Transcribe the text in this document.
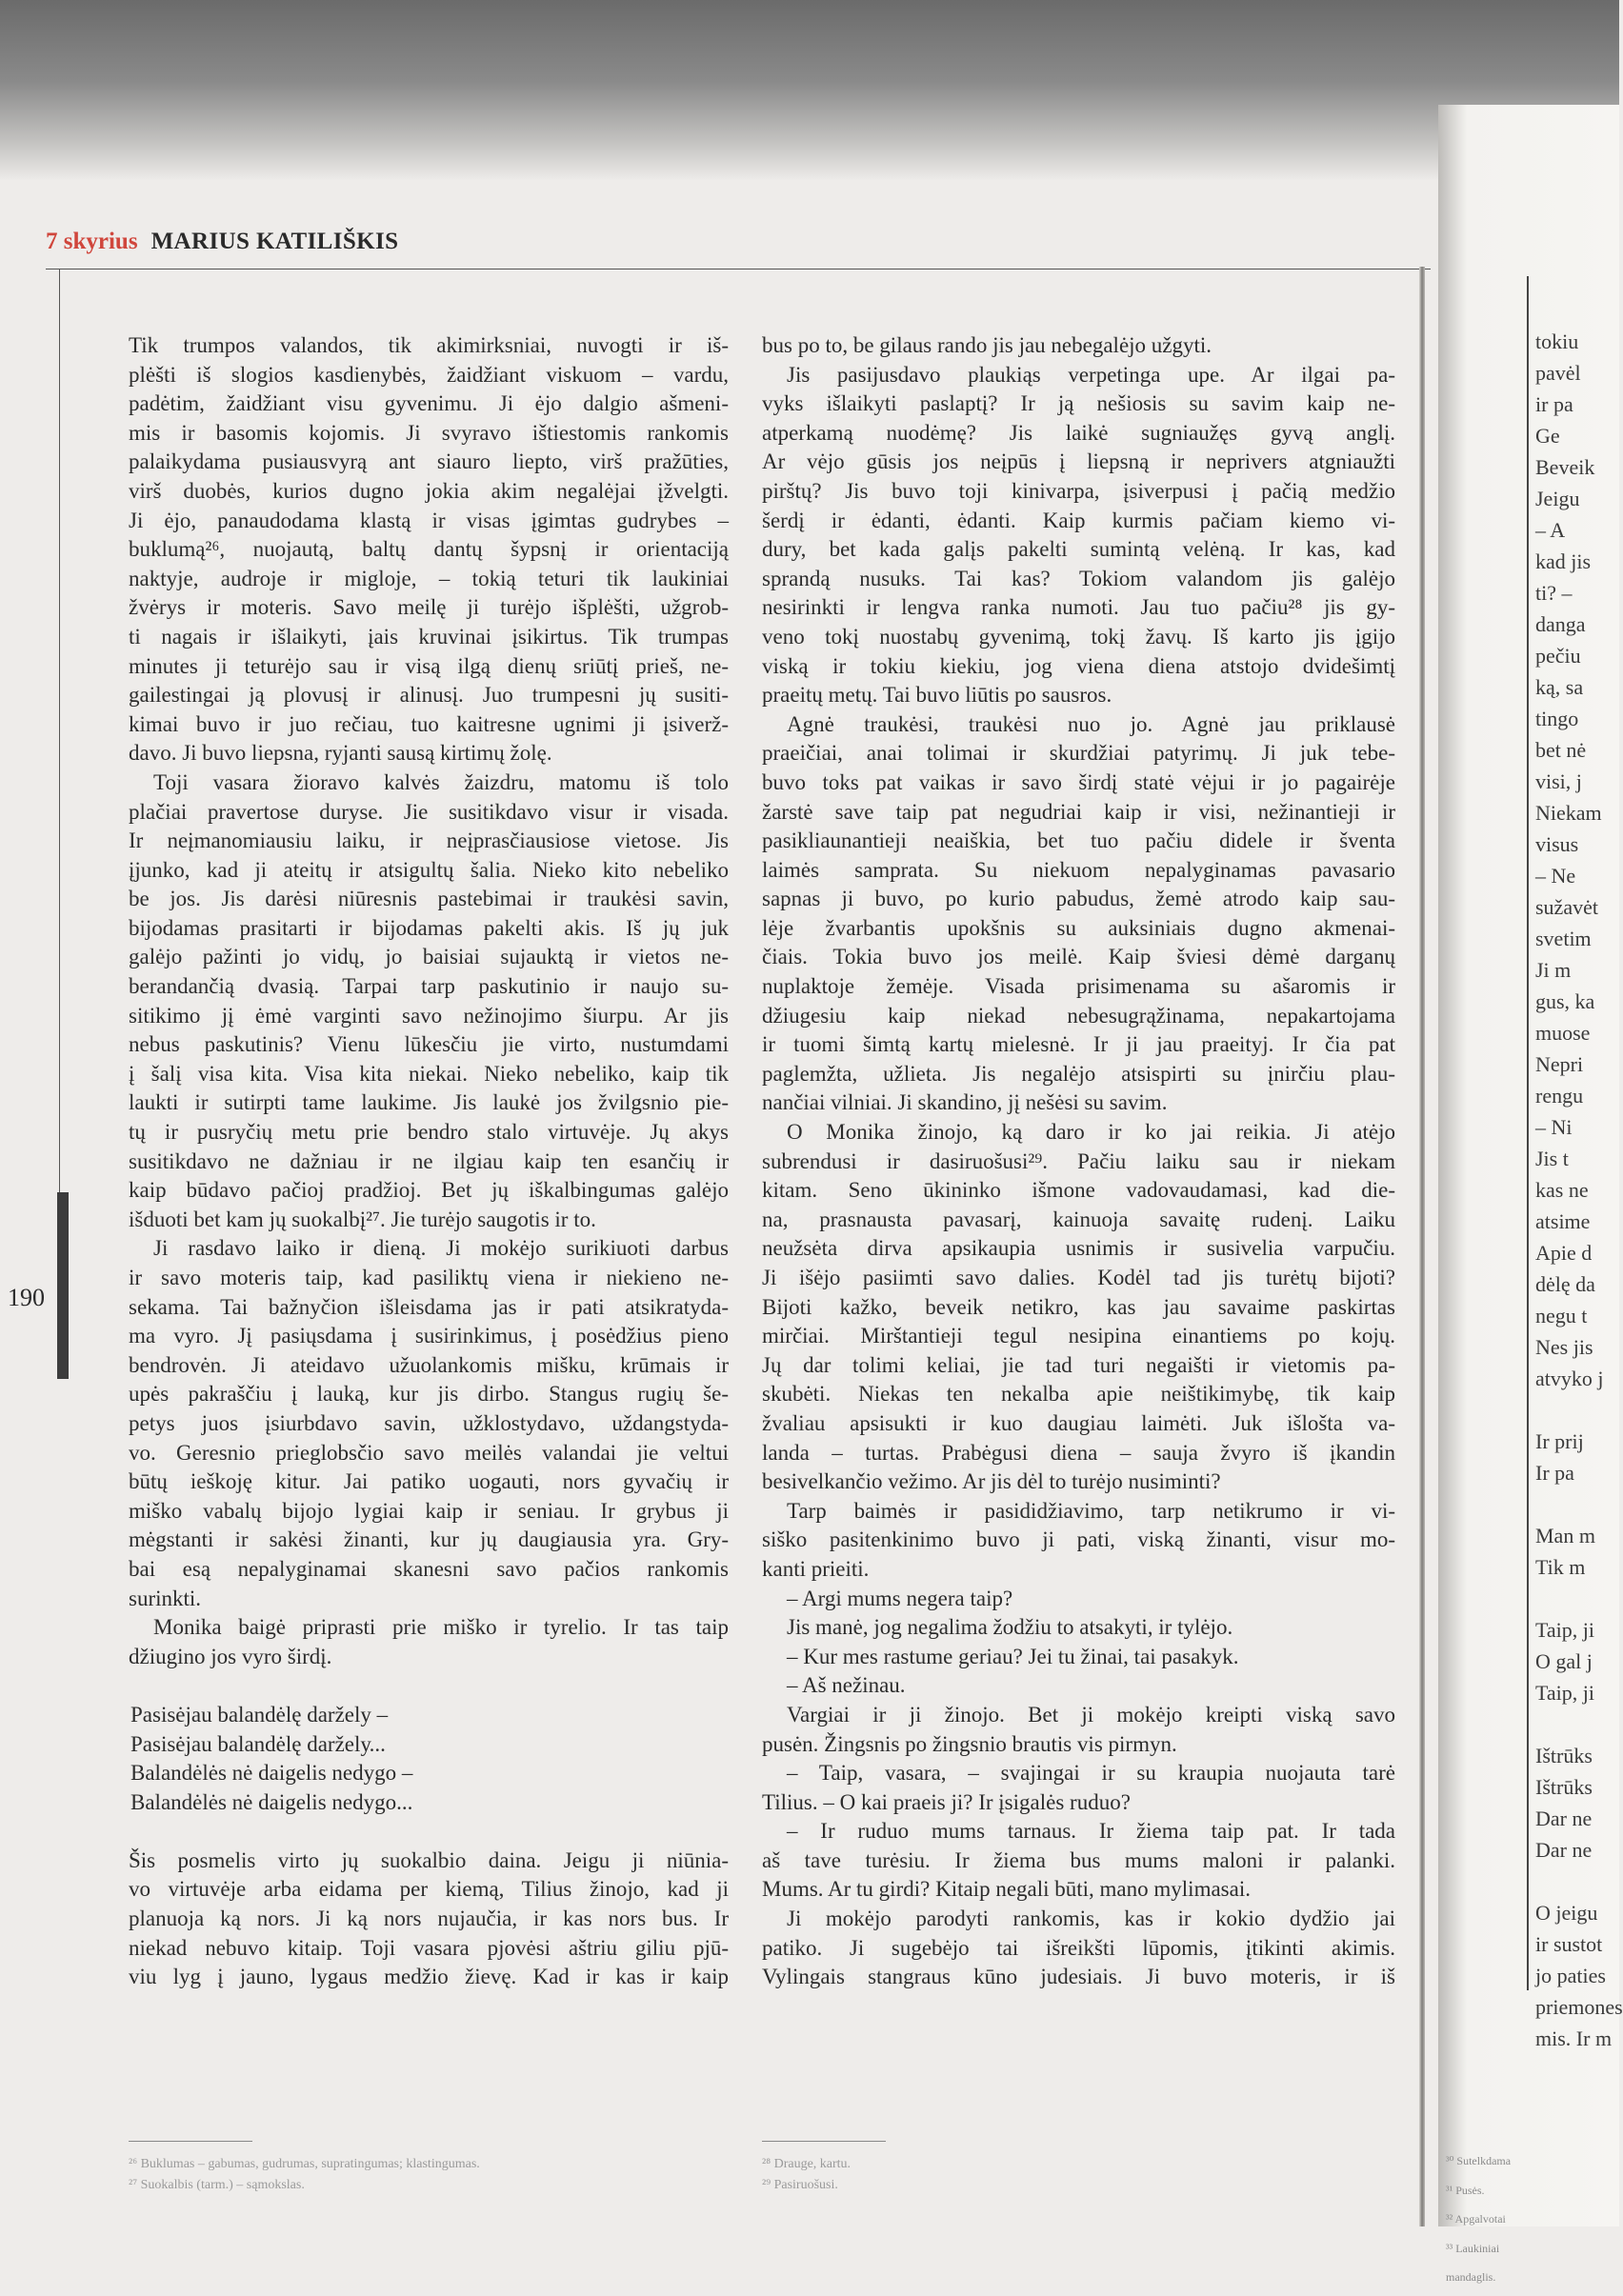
tokiu
pavėl
ir pa
Ge
Beveik
Jeigu
– A
kad jis
ti? –
danga
pečiu
ką, sa
tingo
bet nė
visi, j
Niekam
visus
– Ne
sužavėt
svetim
Ji m
gus, ka
muose
Nepri
rengu
– Ni
Jis t
kas ne
atsime
Apie d
dėlę da
negu t
Nes jis
atvyko j
Ir prij
Ir pa
Man m
Tik m
Taip, ji
O gal j
Taip, ji
Ištrūks
Ištrūks
Dar ne
Dar ne
O jeigu
ir sustot
jo paties
priemones
mis. Ir m
³⁰ Sutelkdama
³¹ Pusės.
³² Apgalvotai
³³ Laukiniai
mandaglis.
7 skyrius MARIUS KATILIŠKIS
190
Tik trumpos valandos, tik akimirksniai, nuvogti ir iš-
plėšti iš slogios kasdienybės, žaidžiant viskuom – vardu,
padėtim, žaidžiant visu gyvenimu. Ji ėjo dalgio ašmeni-
mis ir basomis kojomis. Ji svyravo ištiestomis rankomis
palaikydama pusiausvyrą ant siauro lieptо, virš pražūties,
virš duobės, kurios dugno jokia akim negalėjai įžvelgti.
Ji ėjo, panaudodama klastą ir visas įgimtas gudrybes –
buklumą²⁶, nuojautą, baltų dantų šypsnį ir orientaciją
naktyje, audroje ir migloje, – tokią teturi tik laukiniai
žvėrys ir moteris. Savo meilę ji turėjo išplėšti, užgrob-
ti nagais ir išlaikyti, įais kruvinai įsikirtus. Tik trumpas
minutes ji teturėjo sau ir visą ilgą dienų sriūtį prieš, ne-
gailestingai ją plovusį ir alinusį. Juo trumpesni jų susiti-
kimai buvo ir juo rečiau, tuo kaitresne ugnimi ji įsiverž-
davo. Ji buvo liepsna, ryjanti sausą kirtimų žolę.
Toji vasara žioravo kalvės žaizdru, matomu iš tolo
plačiai pravertose duryse. Jie susitikdavo visur ir visada.
Ir neįmanomiausiu laiku, ir neįprasčiausiose vietose. Jis
įjunko, kad ji ateitų ir atsigultų šalia. Nieko kito nebeliko
be jos. Jis darėsi niūresnis pastebimai ir traukėsi savin,
bijodamas prasitarti ir bijodamas pakelti akis. Iš jų juk
galėjo pažinti jo vidų, jo baisiai sujauktą ir vietos ne-
berandančią dvasią. Tarpai tarp paskutinio ir naujo su-
sitikimo jį ėmė varginti savo nežinojimo šiurpu. Ar jis
nebus paskutinis? Vienu lūkesčiu jie virto, nustumdami
į šalį visa kita. Visa kita niekai. Nieko nebeliko, kaip tik
laukti ir sutirpti tame laukime. Jis laukė jos žvilgsnio pie-
tų ir pusryčių metu prie bendro stalo virtuvėje. Jų akys
susitikdavo ne dažniau ir ne ilgiau kaip ten esančių ir
kaip būdavo pačioj pradžioj. Bet jų iškalbingumas galėjo
išduoti bet kam jų suokalbį²⁷. Jie turėjo saugotis ir to.
Ji rasdavo laiko ir dieną. Ji mokėjo surikiuoti darbus
ir savo moteris taip, kad pasiliktų viena ir niekieno ne-
sekama. Tai bažnyčion išleisdama jas ir pati atsikratyda-
ma vyro. Jį pasiųsdama į susirinkimus, į posėdžius pieno
bendrovėn. Ji ateidavo užuolankomis mišku, krūmais ir
upės pakraščiu į lauką, kur jis dirbo. Stangus rugių še-
petys juos įsiurbdavo savin, užklostydavo, uždangstyda-
vo. Geresnio prieglobsčio savo meilės valandai jie veltui
būtų ieškoję kitur. Jai patiko uogauti, nors gyvačių ir
miško vabalų bijojo lygiai kaip ir seniau. Ir grybus ji
mėgstanti ir sakėsi žinanti, kur jų daugiausia yra. Gry-
bai esą nepalyginamai skanesni savo pačios rankomis
surinkti.
Monika baigė priprasti prie miško ir tyrelio. Ir tas taip
džiugino jos vyro širdį.
Pasisėjau balandėlę darželу –
Pasisėjau balandėlę darželу...
Balandėlės nė daigelis nedygo –
Balandėlės nė daigelis nedygo...
Šis posmelis virto jų suokalbio daina. Jeigu ji niūnia-
vo virtuvėje arba eidama per kiemą, Tilius žinojo, kad ji
planuoja ką nors. Ji ką nors nujaučia, ir kas nors bus. Ir
niekad nebuvo kitaip. Toji vasara pjovėsi aštriu giliu pjū-
viu lyg į jauno, lygaus medžio žievę. Kad ir kas ir kaip
bus po to, be gilaus rando jis jau nebegalėjo užgyti.
Jis pasijusdavo plaukiąs verpetinga upe. Ar ilgai pa-
vyks išlaikyti paslaptį? Ir ją nešiosis su savim kaip ne-
atperkamą nuodėmę? Jis laikė sugniaužęs gyvą anglį.
Ar vėjo gūsis jos neįpūs į liepsną ir neprivers atgniaužti
pirštų? Jis buvo toji kinivarpa, įsiverpusi į pačią medžio
šerdį ir ėdanti, ėdanti. Kaip kurmis pačiam kiemo vi-
dury, bet kada galįs pakelti sumintą velėną. Ir kas, kad
sprandą nusuks. Tai kas? Tokiom valandom jis galėjo
nesirinkti ir lengva ranka numoti. Jau tuo pačiu²⁸ jis gy-
veno tokį nuostabų gyvenimą, tokį žavų. Iš karto jis įgijo
viską ir tokiu kiekiu, jog viena diena atstojo dvidešimtį
praeitų metų. Tai buvo liūtis po sausros.
Agnė traukėsi, traukėsi nuo jo. Agnė jau priklausė
praeičiai, anai tolimai ir skurdžiai patyrimų. Ji juk tebe-
buvo toks pat vaikas ir savo širdį statė vėjui ir jo pagairėje
žarstė save taip pat negudriai kaip ir visi, nežinantieji ir
pasikliaunantieji neaiškia, bet tuo pačiu didele ir šventa
laimės samprata. Su niekuom nepalyginamas pavasario
sapnas ji buvo, po kurio pabudus, žemė atrodo kaip sau-
lėje žvarbantis upokšnis su auksiniais dugno akmenai-
čiais. Tokia buvo jos meilė. Kaip šviesi dėmė darganų
nuplaktoje žemėje. Visada prisimenama su ašaromis ir
džiugesiu kaip niekad nebesugrąžinama, nepakartojama
ir tuomi šimtą kartų mielesnė. Ir ji jau praeityj. Ir čia pat
paglemžta, užlieta. Jis negalėjo atsispirti su įnirčiu plau-
nančiai vilniai. Ji skandino, jį nešėsi su savim.
O Monika žinojo, ką daro ir ko jai reikia. Ji atėjo
subrendusi ir dasiruošusi²⁹. Pačiu laiku sau ir niekam
kitam. Seno ūkininko išmone vadovaudamasi, kad die-
na, prasnausta pavasarį, kainuoja savaitę rudenį. Laiku
neužsėta dirva apsikaupia usnimis ir susivelia varpučiu.
Ji išėjo pasiimti savo dalies. Kodėl tad jis turėtų bijoti?
Bijoti kažko, beveik netikro, kas jau savaime paskirtas
mirčiai. Mirštantieji tegul nesipina einantiems po kojų.
Jų dar tolimi keliai, jie tad turi negaišti ir vietomis pa-
skubėti. Niekas ten nekalba apie neištikimybę, tik kaip
žvaliau apsisukti ir kuo daugiau laimėti. Juk išlošta va-
landa – turtas. Prabėgusi diena – sauja žvyro iš įkandin
besivelkančio vežimo. Ar jis dėl to turėjo nusiminti?
Tarp baimės ir pasididžiavimo, tarp netikrumo ir vi-
siško pasitenkinimo buvo ji pati, viską žinanti, visur mo-
kanti prieiti.
– Argi mums negera taip?
Jis manė, jog negalima žodžiu to atsakyti, ir tylėjo.
– Kur mes rastume geriau? Jei tu žinai, tai pasakyk.
– Aš nežinau.
Vargiai ir ji žinojo. Bet ji mokėjo kreipti viską savo
pusėn. Žingsnis po žingsnio brautis vis pirmyn.
– Taip, vasara, – svajingai ir su kraupia nuojauta tarė
Tilius. – O kai praeis ji? Ir įsigalės ruduo?
– Ir ruduo mums tarnaus. Ir žiema taip pat. Ir tada
aš tave turėsiu. Ir žiema bus mums maloni ir palanki.
Mums. Ar tu girdi? Kitaip negali būti, mano mylimasai.
Ji mokėjo parodyti rankomis, kas ir kokio dydžio jai
patiko. Ji sugebėjo tai išreikšti lūpomis, įtikinti akimis.
Vylingais stangraus kūno judesiais. Ji buvo moteris, ir iš
²⁶ Buklumas – gabumas, gudrumas, supratingumas; klastingumas.
²⁷ Suokalbis (tarm.) – sąmokslas.
²⁸ Drauge, kartu.
²⁹ Pasiruošusi.
